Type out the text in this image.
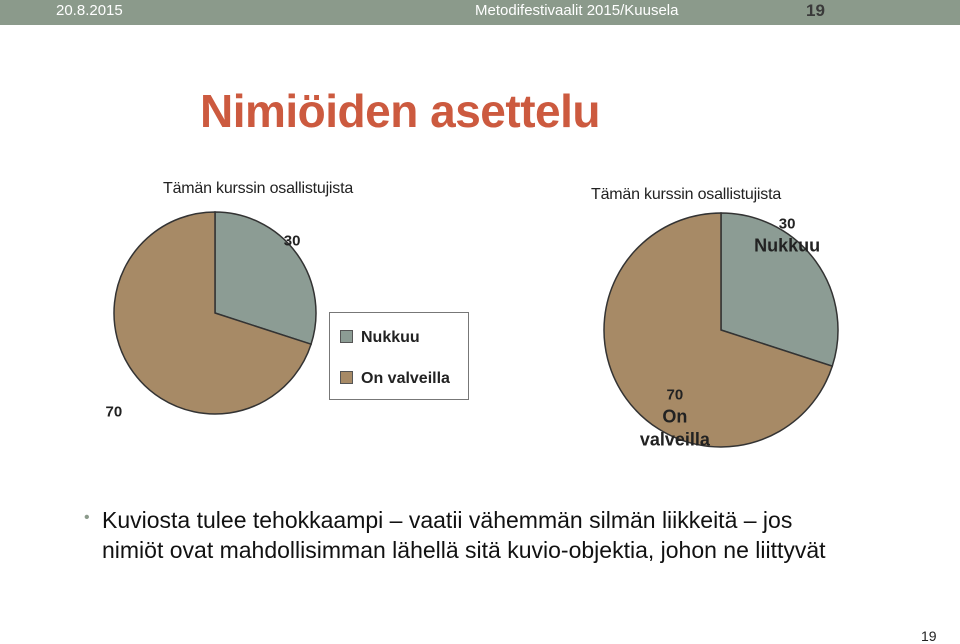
20.8.2015	Metodifestivaalit 2015/Kuusela	19
Nimiöiden asettelu
Tämän kurssin osallistujista
30
70
Nukkuu
On valveilla
Tämän kurssin osallistujista
30 Nukkuu
70 On valveilla
• Kuviosta tulee tehokkaampi – vaatii vähemmän silmän liikkeitä – jos nimiöt ovat mahdollisimman lähellä sitä kuvio-objektia, johon ne liittyvät
19
